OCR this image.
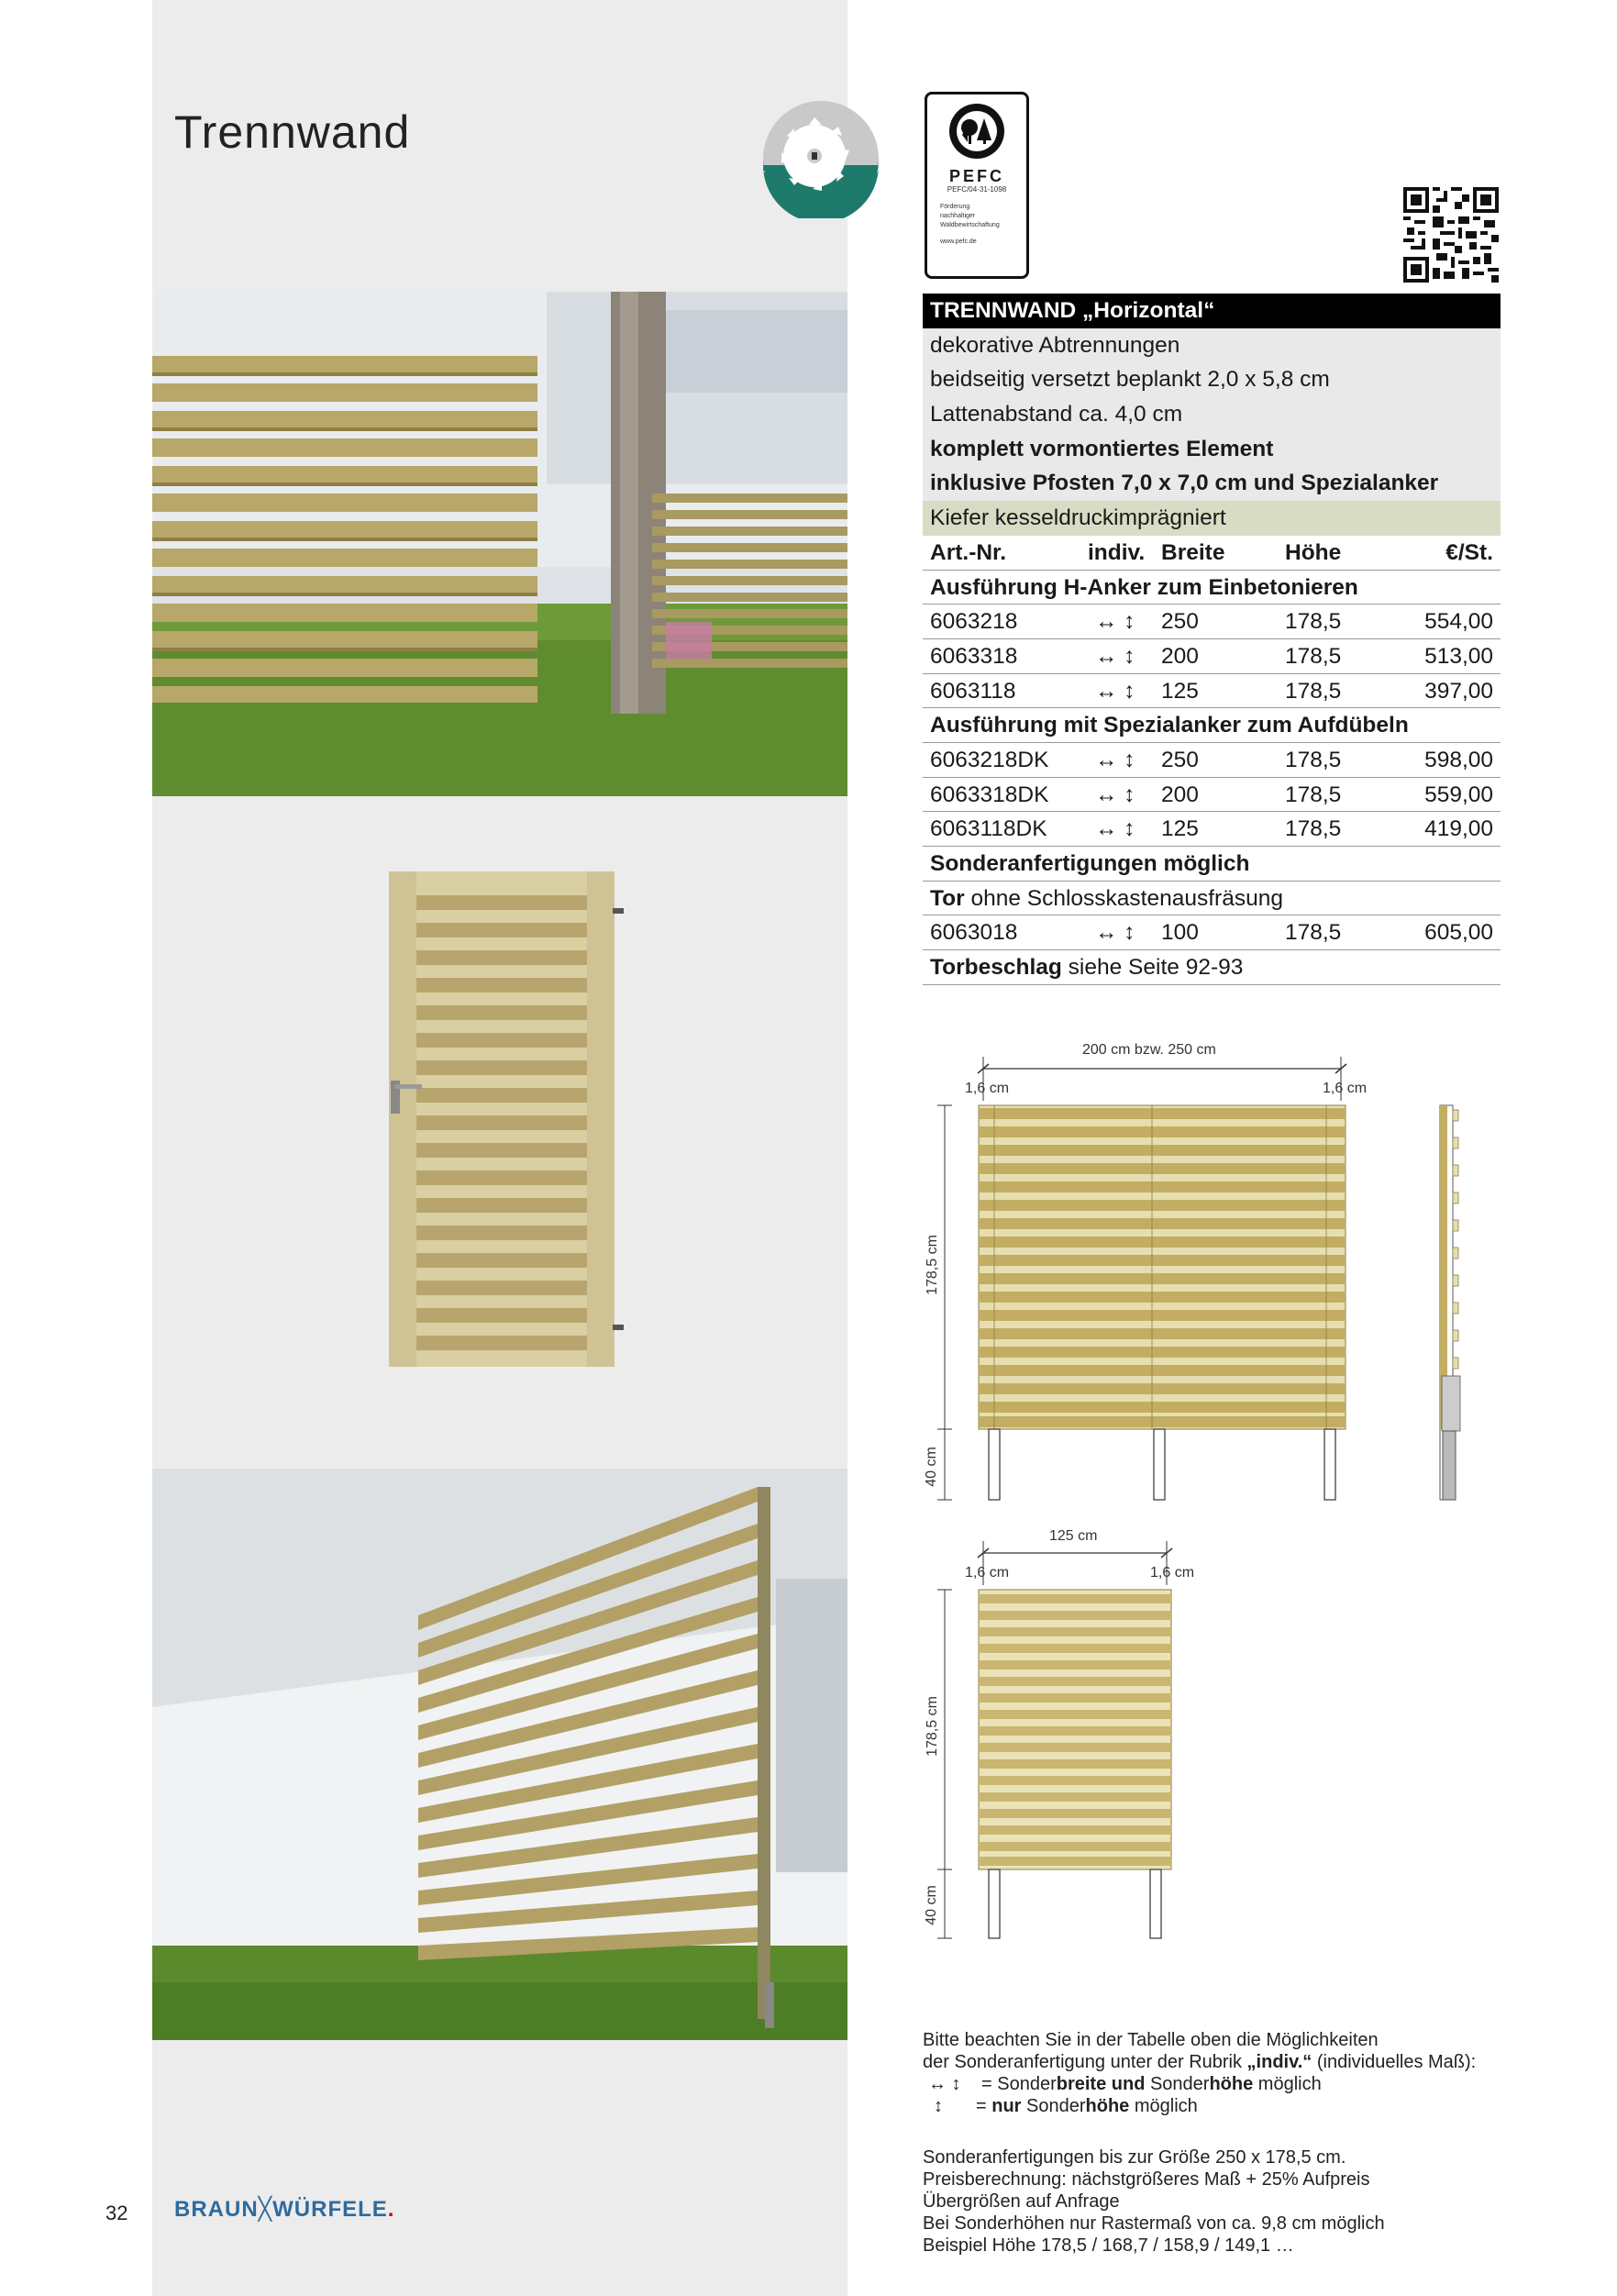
Trennwand
PEFC
PEFC/04-31-1098
Förderung
nachhaltiger
Waldbewirtschaftung
www.pefc.de
TRENNWAND „Horizontal“
dekorative Abtrennungen
beidseitig versetzt beplankt 2,0 x 5,8 cm
Lattenabstand ca. 4,0 cm
komplett vormontiertes Element
inklusive Pfosten 7,0 x 7,0 cm und Spezialanker
Kiefer kesseldruckimprägniert
Art.-Nr.	indiv. Breite	Höhe	€/St.
Ausführung H-Anker zum Einbetonieren
6063218	↔ ↕ 250	178,5	554,00
6063318	↔ ↕ 200	178,5	513,00
6063118	↔ ↕ 125	178,5	397,00
Ausführung mit Spezialanker zum Aufdübeln
6063218DK ↔ ↕ 250	178,5	598,00
6063318DK ↔ ↕ 200	178,5	559,00
6063118DK ↔ ↕ 125	178,5	419,00
Sonderanfertigungen möglich
Tor ohne Schlosskastenausfräsung
6063018	↔ ↕ 100	178,5	605,00
Torbeschlag siehe Seite 92-93
200 cm bzw. 250 cm
1,6 cm	1,6 cm
178,5 cm
40 cm
125 cm
1,6 cm	1,6 cm
178,5 cm
40 cm
Bitte beachten Sie in der Tabelle oben die Möglichkeiten
der Sonderanfertigung unter der Rubrik „indiv.“ (individuelles Maß):
↔ ↕ = Sonderbreite und Sonderhöhe möglich
↕ = nur Sonderhöhe möglich
Sonderanfertigungen bis zur Größe 250 x 178,5 cm.
Preisberechnung: nächstgrößeres Maß + 25% Aufpreis
Übergrößen auf Anfrage
Bei Sonderhöhen nur Rastermaß von ca. 9,8 cm möglich
Beispiel Höhe 178,5 / 168,7 / 158,9 / 149,1 …
32 BRAUN╳WÜRFELE.
